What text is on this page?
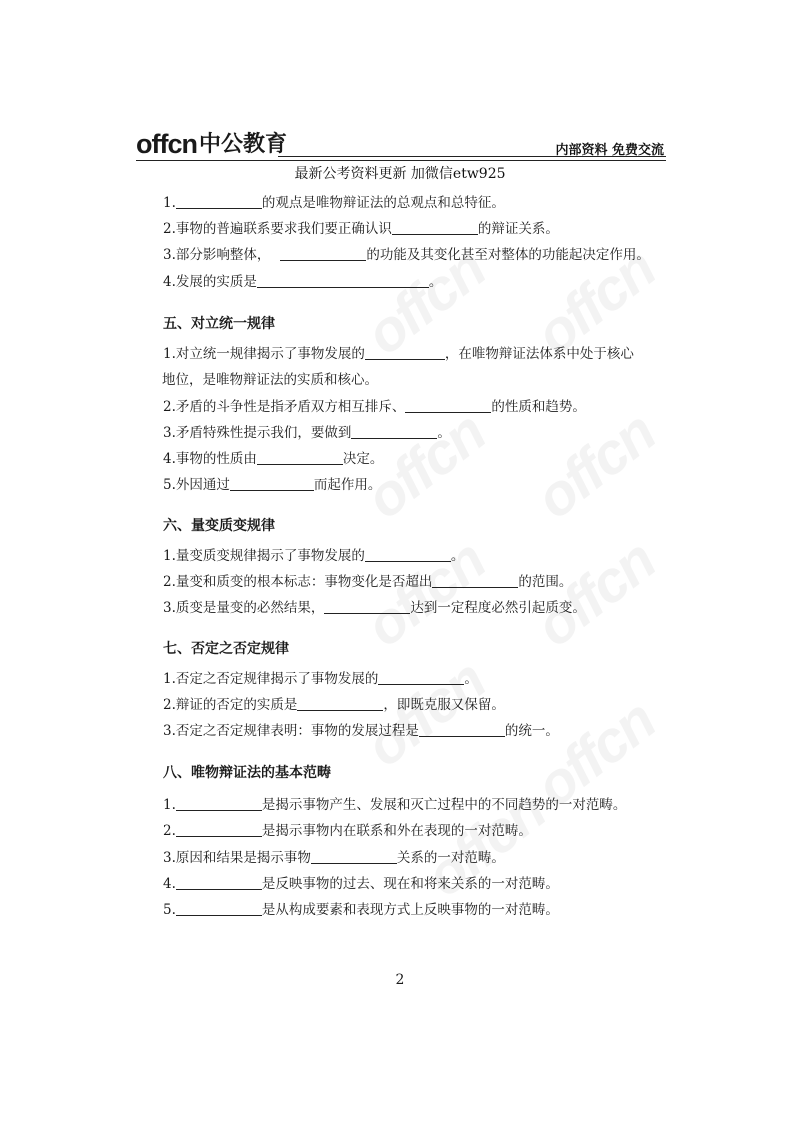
offcn 中公教育	内部资料 免费交流
最新公考资料更新 加微信etw925
1.	的观点是唯物辩证法的总观点和总特征。
2.事物的普遍联系要求我们要正确认识	的辩证关系。
3.部分影响整体，	的功能及其变化甚至对整体的功能起决定作用。
4.发展的实质是	。
五、对立统一规律
1.对立统一规律揭示了事物发展的	，在唯物辩证法体系中处于核心
地位，是唯物辩证法的实质和核心。
2.矛盾的斗争性是指矛盾双方相互排斥、	的性质和趋势。
3.矛盾特殊性提示我们，要做到	。
4.事物的性质由	决定。
5.外因通过	而起作用。
六、量变质变规律
1.量变质变规律揭示了事物发展的	。
2.量变和质变的根本标志：事物变化是否超出	的范围。
3.质变是量变的必然结果，	达到一定程度必然引起质变。
七、否定之否定规律
1.否定之否定规律揭示了事物发展的	。
2.辩证的否定的实质是	，即既克服又保留。
3.否定之否定规律表明：事物的发展过程是	的统一。
八、唯物辩证法的基本范畴
1.	是揭示事物产生、发展和灭亡过程中的不同趋势的一对范畴。
2.	是揭示事物内在联系和外在表现的一对范畴。
3.原因和结果是揭示事物	关系的一对范畴。
4.	是反映事物的过去、现在和将来关系的一对范畴。
5.	是从构成要素和表现方式上反映事物的一对范畴。
2
